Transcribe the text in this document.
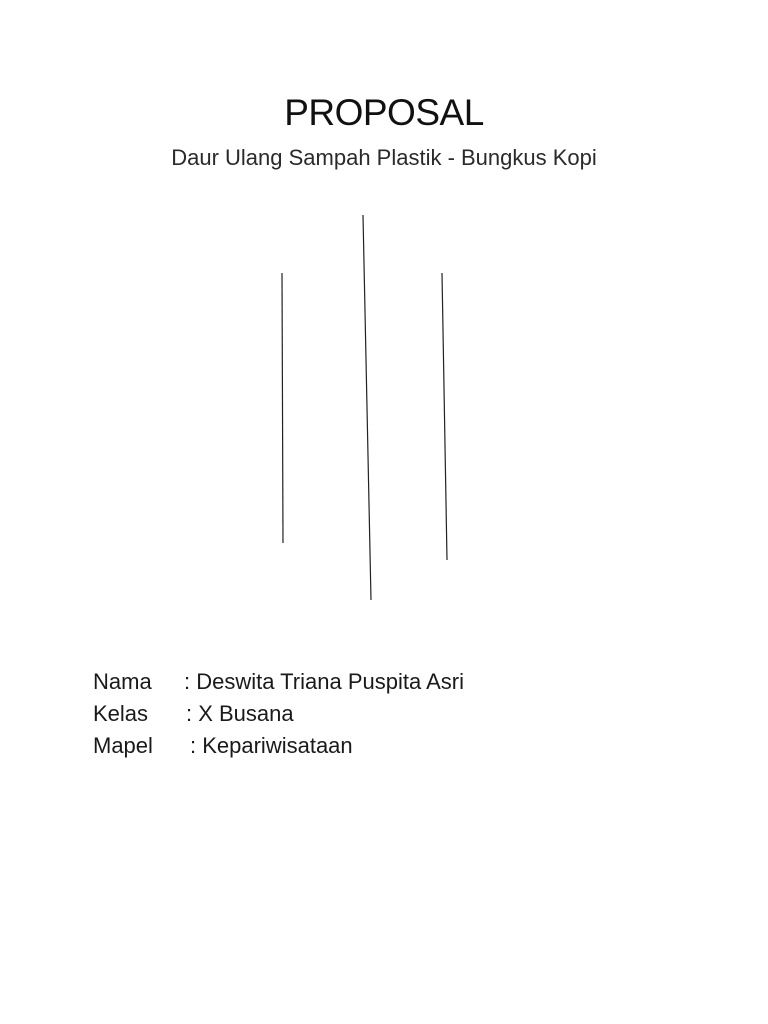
PROPOSAL
Daur Ulang Sampah Plastik - Bungkus Kopi
Nama	: Deswita Triana Puspita Asri
Kelas	: X Busana
Mapel	: Kepariwisataan
